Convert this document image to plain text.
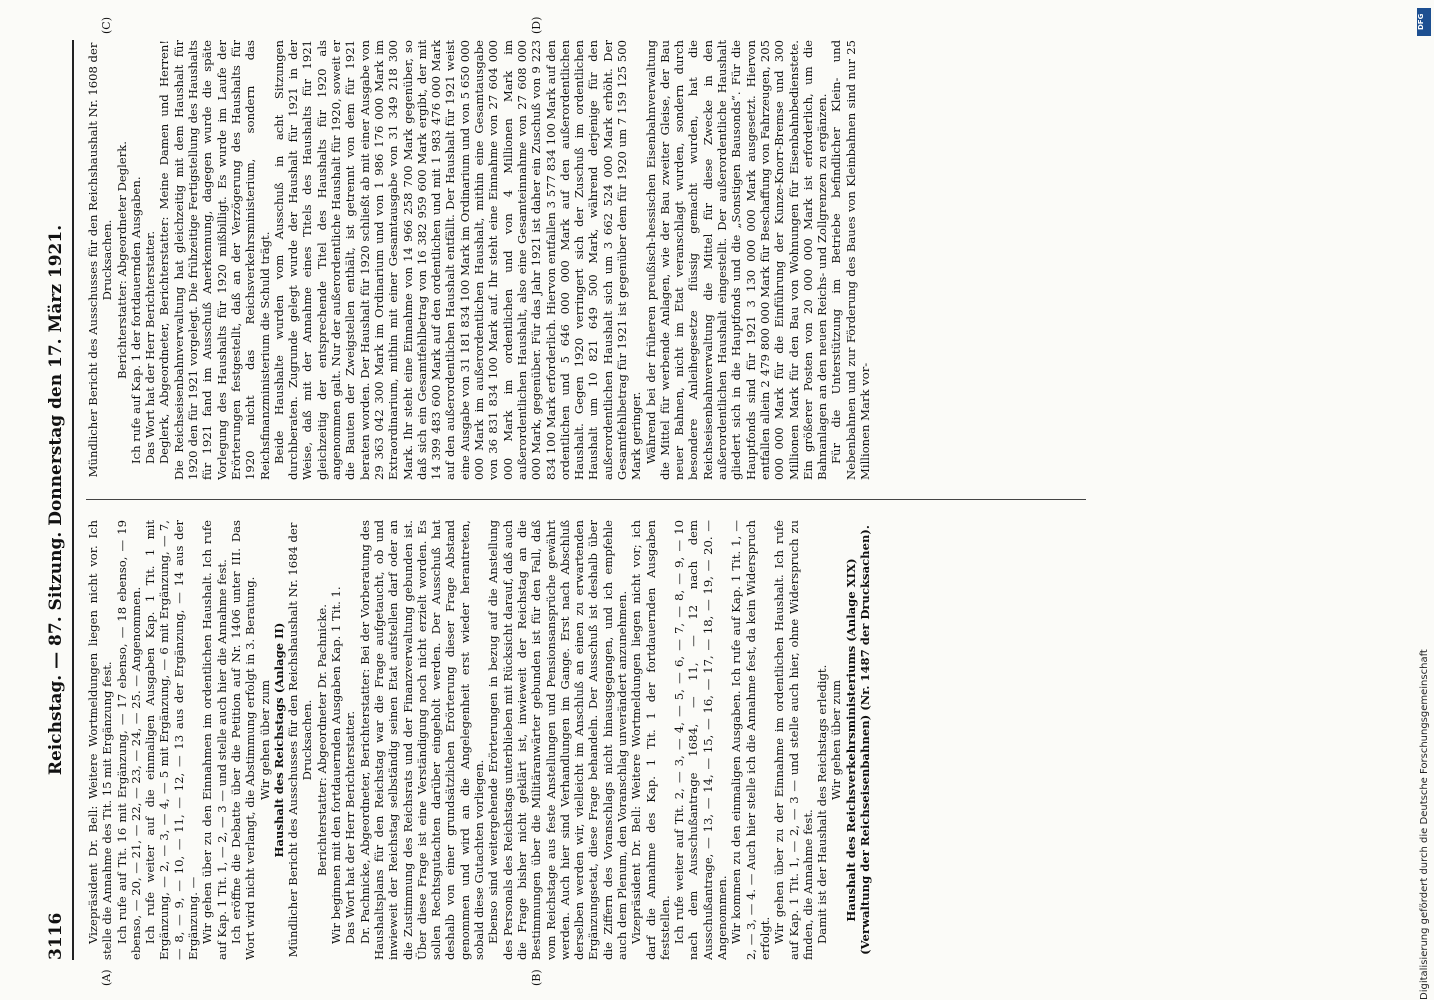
3116
Reichstag. — 87. Sitzung. Donnerstag den 17. März 1921.
(A)	(B)
(C)	(D)

Vizepräsident Dr. Bell: Weitere Wortmeldungen liegen nicht vor. Ich stelle die Annahme des Tit. 15 mit Ergänzung fest. Ich rufe auf Tit. 16 mit Ergänzung, — 17 ebenso, — 18 ebenso, — 19 ebenso, — 20, — 21, — 22, — 23, — 24, — 25. — Angenommen. Ich rufe weiter auf die einmaligen Ausgaben Kap. 1 Tit. 1 mit Ergänzung, — 2, — 3, — 4, — 5 mit Ergänzung, — 6 mit Ergänzung, — 7, — 8, — 9, — 10, — 11, — 12, — 13 aus der Ergänzung, — 14 aus der Ergänzung. — Wir gehen über zu den Einnahmen im ordentlichen Haushalt. Ich rufe auf Kap. 1 Tit. 1, — 2, — 3 — und stelle auch hier die Annahme fest. Ich eröffne die Debatte über die Petition auf Nr. 1406 unter III. Das Wort wird nicht verlangt, die Abstimmung erfolgt in 3. Beratung. Wir gehen über zum Haushalt des Reichstags (Anlage II) Mündlicher Bericht des Ausschusses für den Reichshaushalt Nr. 1684 der Drucksachen. Berichterstatter: Abgeordneter Dr. Pachnicke. Wir beginnen mit den fortdauernden Ausgaben Kap. 1 Tit. 1. Das Wort hat der Herr Berichterstatter. Dr. Pachnicke, Abgeordneter, Berichterstatter: Bei der Vorberatung des Haushaltsplans für den Reichstag war die Frage aufgetaucht, ob und inwieweit der Reichstag selbständig seinen Etat aufstellen darf oder an die Zustimmung des Reichsrats und der Finanzverwaltung gebunden ist. Über diese Frage ist eine Verständigung noch nicht erzielt worden. Es sollen Rechtsgutachten darüber eingeholt werden. Der Ausschuß hat deshalb von einer grundsätzlichen Erörterung dieser Frage Abstand genommen und wird an die Angelegenheit erst wieder herantreten, sobald diese Gutachten vorliegen. Ebenso sind weitergehende Erörterungen in bezug auf die Anstellung des Personals des Reichstags unterblieben mit Rücksicht darauf, daß auch die Frage bisher nicht geklärt ist, inwieweit der Reichstag an die Bestimmungen über die Militäranwärter gebunden ist für den Fall, daß vom Reichstage aus feste Anstellungen und Pensionsansprüche gewährt werden. Auch hier sind Verhandlungen im Gange. Erst nach Abschluß derselben werden wir, vielleicht im Anschluß an einen zu erwartenden Ergänzungsetat, diese Frage behandeln. Der Ausschuß ist deshalb über die Ziffern des Voranschlags nicht hinausgegangen, und ich empfehle auch dem Plenum, den Voranschlag unverändert anzunehmen. Vizepräsident Dr. Bell: Weitere Wortmeldungen liegen nicht vor; ich darf die Annahme des Kap. 1 Tit. 1 der fortdauernden Ausgaben feststellen. Ich rufe weiter auf Tit. 2, — 3, — 4, — 5, — 6, — 7, — 8, — 9, — 10 nach dem Ausschußantrage 1684, — 11, — 12 nach dem Ausschußantrage, — 13, — 14, — 15, — 16, — 17, — 18, — 19, — 20. — Angenommen. Wir kommen zu den einmaligen Ausgaben. Ich rufe auf Kap. 1 Tit. 1, — 2, — 3, — 4. — Auch hier stelle ich die Annahme fest, da kein Widerspruch erfolgt. Wir gehen über zu der Einnahme im ordentlichen Haushalt. Ich rufe auf Kap. 1 Tit. 1, — 2, — 3 — und stelle auch hier, ohne Widerspruch zu finden, die Annahme fest. Damit ist der Haushalt des Reichstags erledigt. Wir gehen über zum Haushalt des Reichsverkehrsministeriums (Anlage XIX) (Verwaltung der Reichseisenbahnen) (Nr. 1487 der Drucksachen).

Mündlicher Bericht des Ausschusses für den Reichshaushalt Nr. 1608 der Drucksachen. Berichterstatter: Abgeordneter Deglerk. Ich rufe auf Kap. 1 der fortdauernden Ausgaben. Das Wort hat der Herr Berichterstatter. Deglerk, Abgeordneter, Berichterstatter: Meine Damen und Herren! Die Reichseisenbahnverwaltung hat gleichzeitig mit dem Haushalt für 1920 den für 1921 vorgelegt. Die frühzeitige Fertigstellung des Haushalts für 1921 fand im Ausschuß Anerkennung, dagegen wurde die späte Vorlegung des Haushalts für 1920 mißbilligt. Es wurde im Laufe der Erörterungen festgestellt, daß an der Verzögerung des Haushalts für 1920 nicht das Reichsverkehrsministerium, sondern das Reichsfinanzministerium die Schuld trägt. Beide Haushalte wurden vom Ausschuß in acht Sitzungen durchberaten. Zugrunde gelegt wurde der Haushalt für 1921 in der Weise, daß mit der Annahme eines Titels des Haushalts für 1921 gleichzeitig der entsprechende Titel des Haushalts für 1920 als angenommen galt. Nur der außerordentliche Haushalt für 1920, soweit er die Bauten der Zweigstellen enthält, ist getrennt von dem für 1921 beraten worden. Der Haushalt für 1920 schließt ab mit einer Ausgabe von 29 363 042 300 Mark im Ordinarium und von 1 986 176 000 Mark im Extraordinarium, mithin mit einer Gesamtausgabe von 31 349 218 300 Mark. Ihr steht eine Einnahme von 14 966 258 700 Mark gegenüber, so daß sich ein Gesamtfehlbetrag von 16 382 959 600 Mark ergibt, der mit 14 399 483 600 Mark auf den ordentlichen und mit 1 983 476 000 Mark auf den außerordentlichen Haushalt entfällt. Der Haushalt für 1921 weist eine Ausgabe von 31 181 834 100 Mark im Ordinarium und von 5 650 000 000 Mark im außerordentlichen Haushalt, mithin eine Gesamtausgabe von 36 831 834 100 Mark auf. Ihr steht eine Einnahme von 27 604 000 000 Mark im ordentlichen und von 4 Millionen Mark im außerordentlichen Haushalt, also eine Gesamteinnahme von 27 608 000 000 Mark, gegenüber. Für das Jahr 1921 ist daher ein Zuschuß von 9 223 834 100 Mark erforderlich. Hiervon entfallen 3 577 834 100 Mark auf den ordentlichen und 5 646 000 000 Mark auf den außerordentlichen Haushalt. Gegen 1920 verringert sich der Zuschuß im ordentlichen Haushalt um 10 821 649 500 Mark, während derjenige für den außerordentlichen Haushalt sich um 3 662 524 000 Mark erhöht. Der Gesamtfehlbetrag für 1921 ist gegenüber dem für 1920 um 7 159 125 500 Mark geringer. Während bei der früheren preußisch-hessischen Eisenbahnverwaltung die Mittel für werbende Anlagen, wie der Bau zweiter Gleise, der Bau neuer Bahnen, nicht im Etat veranschlagt wurden, sondern durch besondere Anleihegesetze flüssig gemacht wurden, hat die Reichseisenbahnverwaltung die Mittel für diese Zwecke in den außerordentlichen Haushalt eingestellt. Der außerordentliche Haushalt gliedert sich in die Hauptfonds und die „Sonstigen Bausonds“. Für die Hauptfonds sind für 1921 3 130 000 000 Mark ausgesetzt. Hiervon entfallen allein 2 479 800 000 Mark für Beschaffung von Fahrzeugen, 205 000 000 Mark für die Einführung der Kunze-Knorr-Bremse und 300 Millionen Mark für den Bau von Wohnungen für Eisenbahnbedienstete. Ein größerer Posten von 20 000 000 Mark ist erforderlich, um die Bahnanlagen an den neuen Reichs- und Zollgrenzen zu ergänzen. Für die Unterstützung im Betriebe befindlicher Klein- und Nebenbahnen und zur Förderung des Baues von Kleinbahnen sind nur 25 Millionen Mark vor-

DFG
Digitalisierung gefördert durch die Deutsche Forschungsgemeinschaft
